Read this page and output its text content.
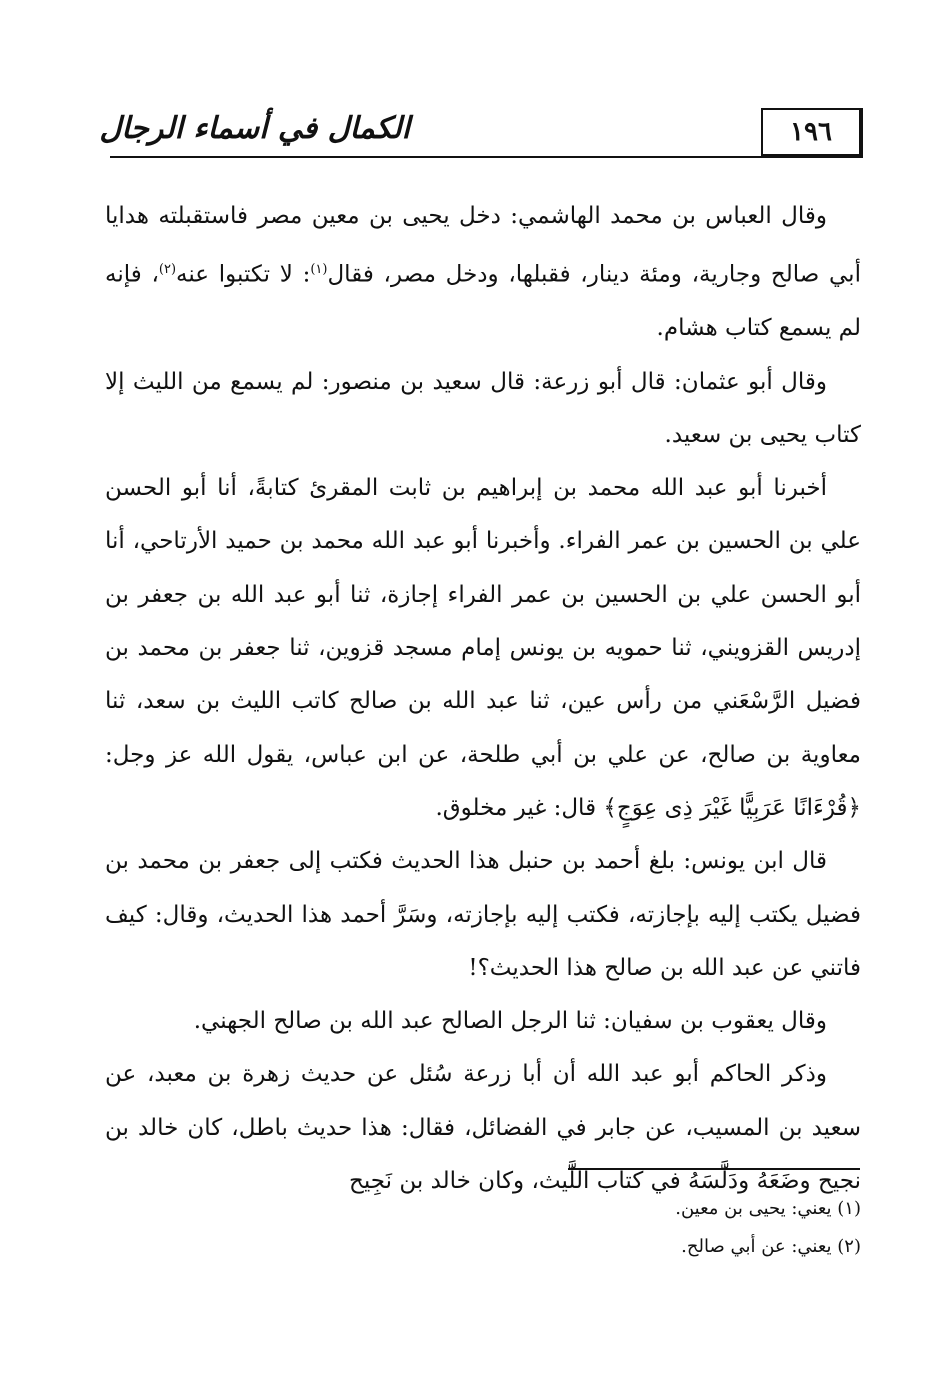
الكمال في أسماء الرجال	١٩٦

وقال العباس بن محمد الهاشمي: دخل يحيى بن معين مصر فاستقبلته هدايا أبي صالح وجارية، ومئة دينار، فقبلها، ودخل مصر، فقال$^{(١)}$: لا تكتبوا عنه$^{(٢)}$، فإنه لم يسمع كتاب هشام.

وقال أبو عثمان: قال أبو زرعة: قال سعيد بن منصور: لم يسمع من الليث إلا كتاب يحيى بن سعيد.

أخبرنا أبو عبد الله محمد بن إبراهيم بن ثابت المقرئ كتابةً، أنا أبو الحسن علي بن الحسين بن عمر الفراء. وأخبرنا أبو عبد الله محمد بن حميد الأرتاحي، أنا أبو الحسن علي بن الحسين بن عمر الفراء إجازة، ثنا أبو عبد الله بن جعفر بن إدريس القزويني، ثنا حمويه بن يونس إمام مسجد قزوين، ثنا جعفر بن محمد بن فضيل الرَّسْعَني من رأس عين، ثنا عبد الله بن صالح كاتب الليث بن سعد، ثنا معاوية بن صالح، عن علي بن أبي طلحة، عن ابن عباس، يقول الله عز وجل: ﴿قُرْءَانًا عَرَبِيًّا غَيْرَ ذِى عِوَجٍ﴾ قال: غير مخلوق.

قال ابن يونس: بلغ أحمد بن حنبل هذا الحديث فكتب إلى جعفر بن محمد بن فضيل يكتب إليه بإجازته، فكتب إليه بإجازته، وسَرَّ أحمد هذا الحديث، وقال: كيف فاتني عن عبد الله بن صالح هذا الحديث؟!

وقال يعقوب بن سفيان: ثنا الرجل الصالح عبد الله بن صالح الجهني.

وذكر الحاكم أبو عبد الله أن أبا زرعة سُئل عن حديث زهرة بن معبد، عن سعيد بن المسيب، عن جابر في الفضائل، فقال: هذا حديث باطل، كان خالد بن نجيح وضَعَهُ ودَلَّسَهُ في كتاب اللَّيث، وكان خالد بن نَجِيح

(١) يعني: يحيى بن معين.

(٢) يعني: عن أبي صالح.
